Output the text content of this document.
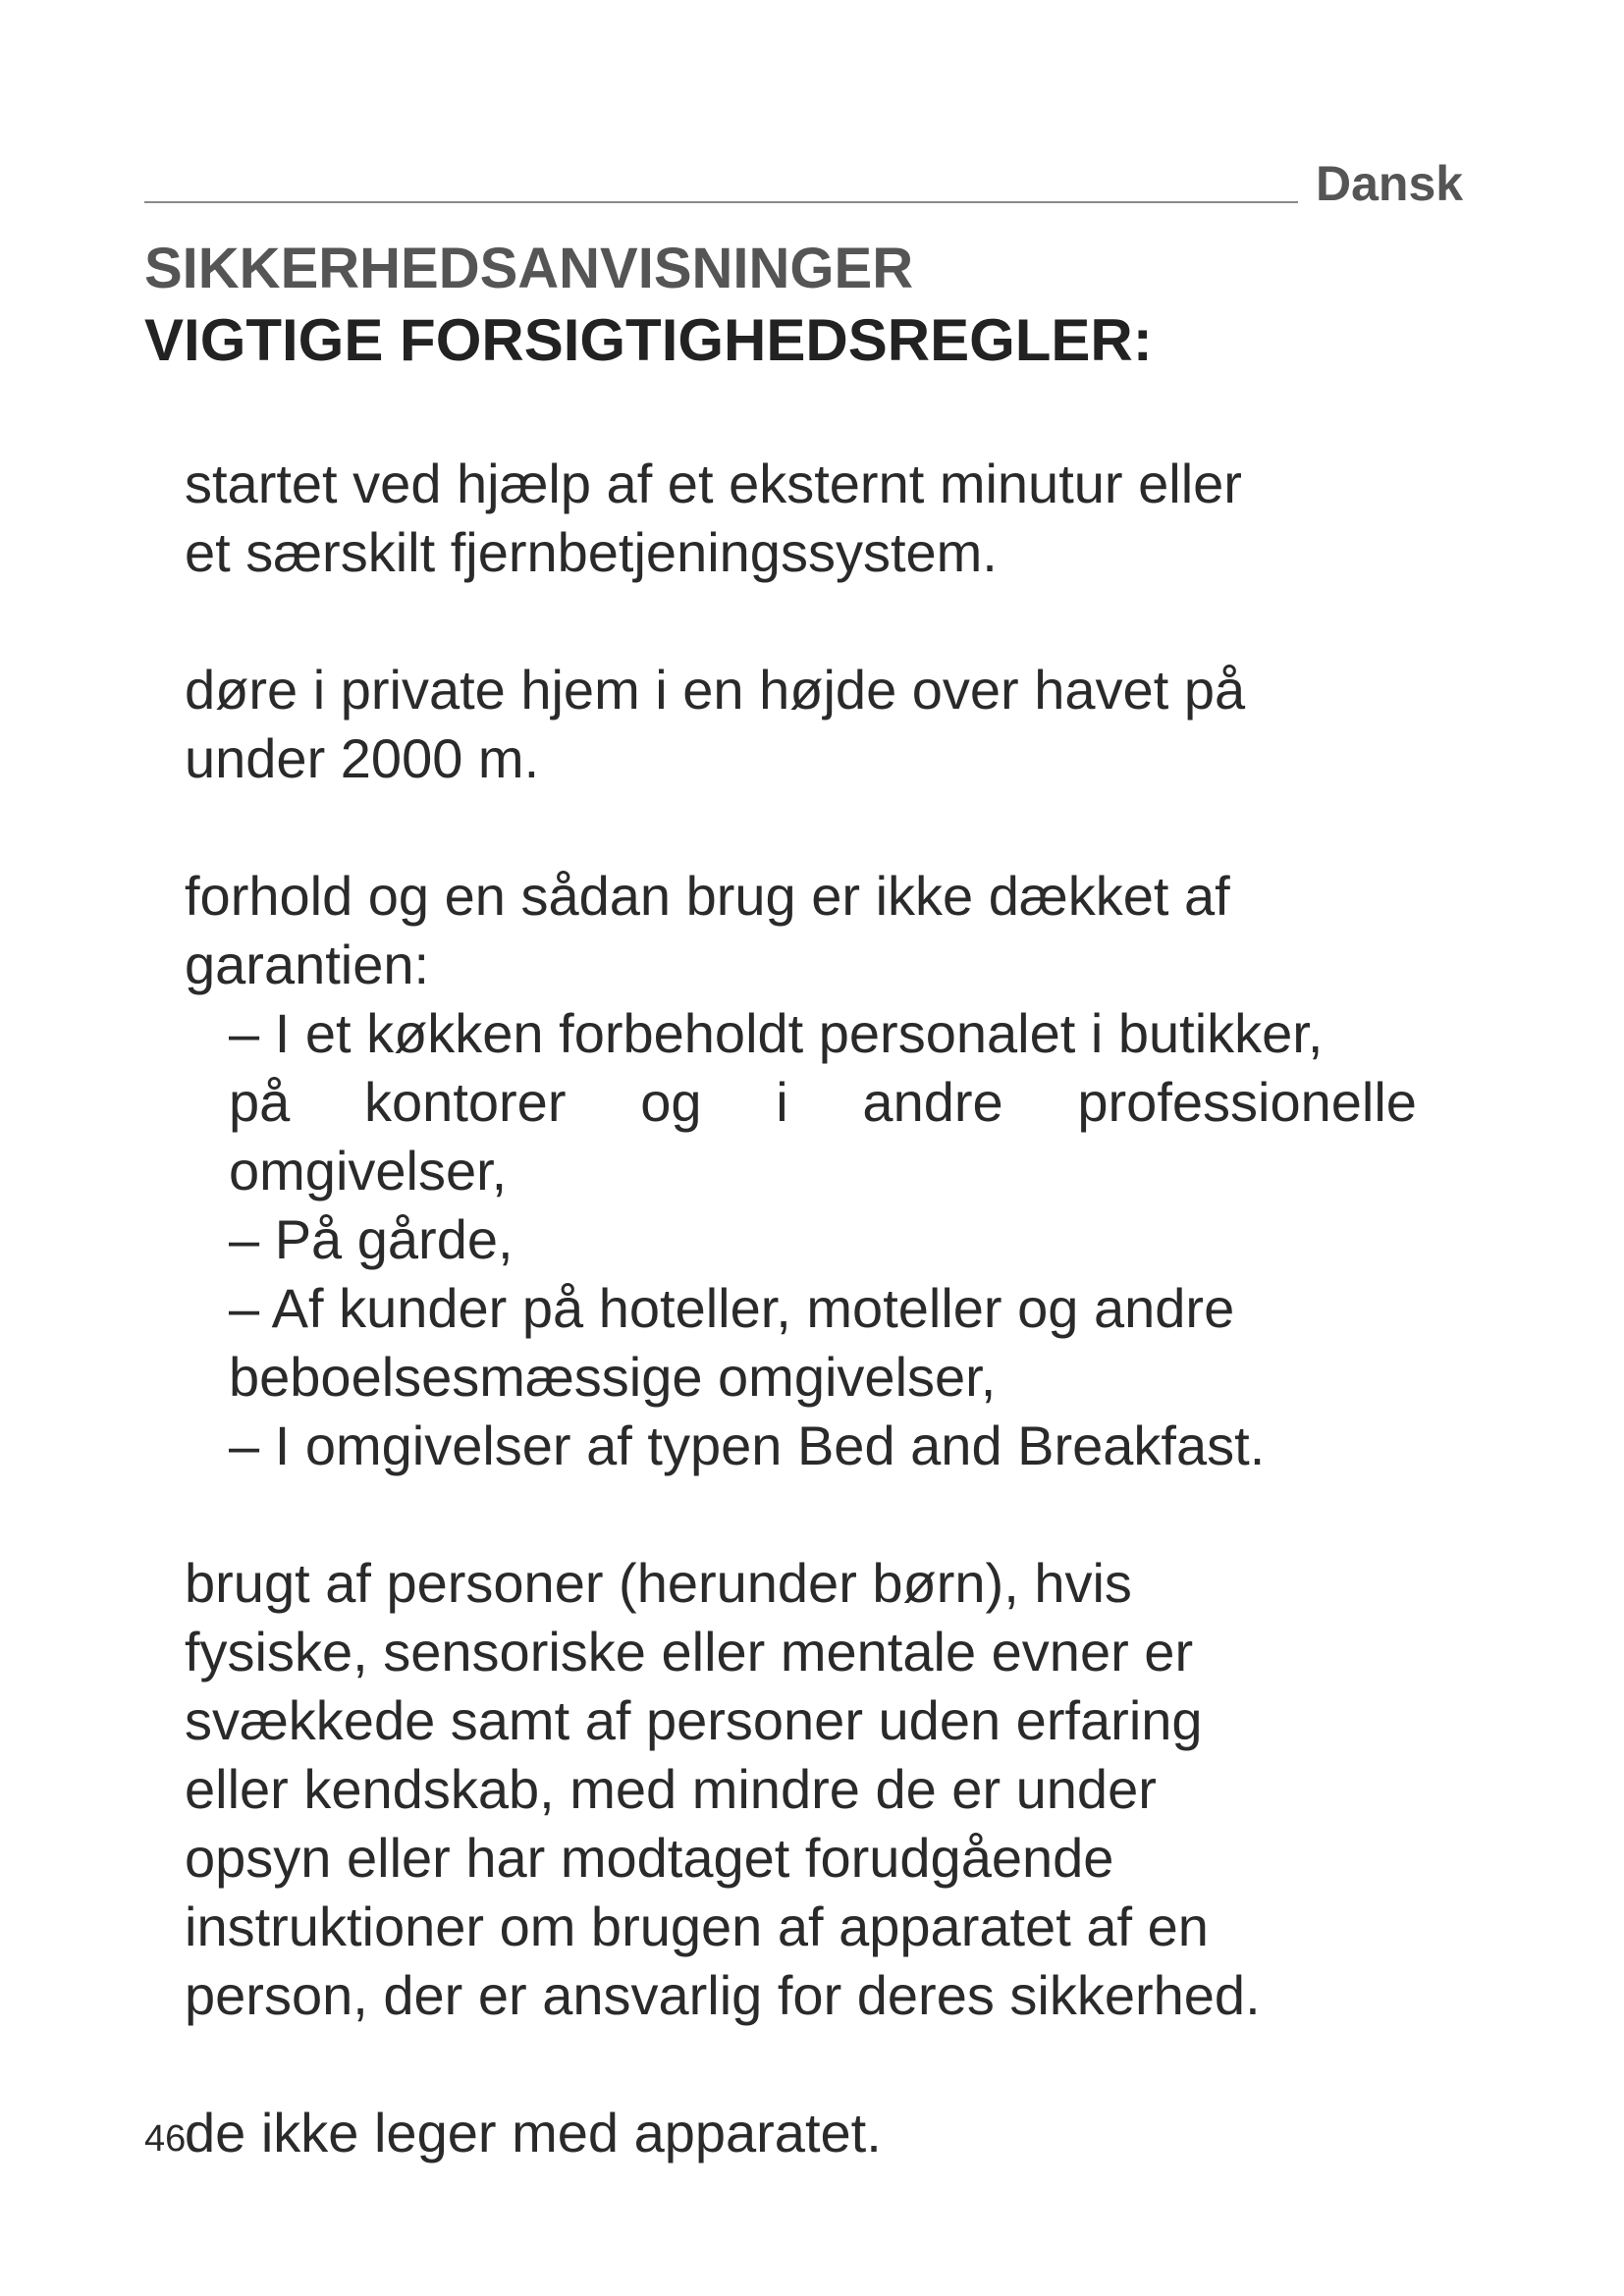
Dansk
SIKKERHEDSANVISNINGER
VIGTIGE FORSIGTIGHEDSREGLER:
startet ved hjælp af et eksternt minutur eller
et særskilt fjernbetjeningssystem.
døre i private hjem i en højde over havet på
under 2000 m.
forhold og en sådan brug er ikke dækket af
garantien:
– I et køkken forbeholdt personalet i butikker,
på kontorer og i andre professionelle
omgivelser,
– På gårde,
– Af kunder på hoteller, moteller og andre
beboelsesmæssige omgivelser,
– I omgivelser af typen Bed and Breakfast.
brugt af personer (herunder børn), hvis
fysiske, sensoriske eller mentale evner er
svækkede samt af personer uden erfaring
eller kendskab, med mindre de er under
opsyn eller har modtaget forudgående
instruktioner om brugen af apparatet af en
person, der er ansvarlig for deres sikkerhed.
de ikke leger med apparatet.
46
